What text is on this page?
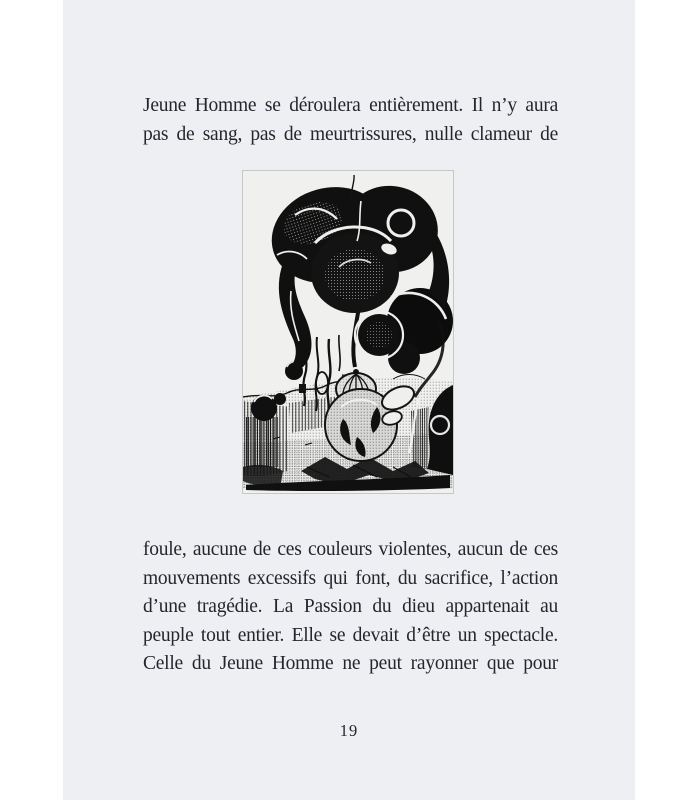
Jeune Homme se déroulera entièrement. Il n’y aura
pas de sang, pas de meurtrissures, nulle clameur de
foule, aucune de ces couleurs violentes, aucun de ces
mouvements excessifs qui font, du sacrifice, l’action
d’une tragédie. La Passion du dieu appartenait au
peuple tout entier. Elle se devait d’être un spectacle.
Celle du Jeune Homme ne peut rayonner que pour
19
